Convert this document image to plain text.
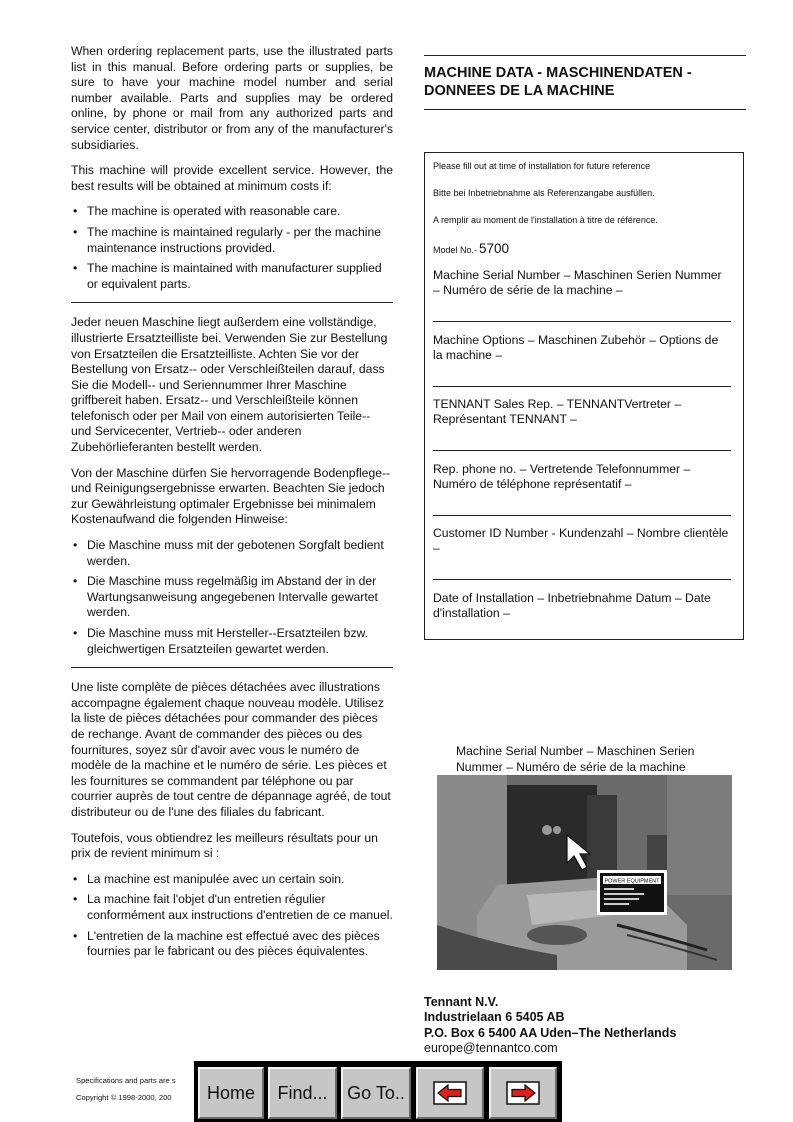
When ordering replacement parts, use the illustrated parts list in this manual. Before ordering parts or supplies, be sure to have your machine model number and serial number available. Parts and supplies may be ordered online, by phone or mail from any authorized parts and service center, distributor or from any of the manufacturer's subsidiaries.

This machine will provide excellent service. However, the best results will be obtained at minimum costs if:

• The machine is operated with reasonable care.
• The machine is maintained regularly - per the machine maintenance instructions provided.
• The machine is maintained with manufacturer supplied or equivalent parts.

Jeder neuen Maschine liegt außerdem eine vollständige, illustrierte Ersatzteilliste bei. Verwenden Sie zur Bestellung von Ersatzteilen die Ersatzteilliste. Achten Sie vor der Bestellung von Ersatz-- oder Verschleißteilen darauf, dass Sie die Modell-- und Seriennummer Ihrer Maschine griffbereit haben. Ersatz-- und Verschleißteile können telefonisch oder per Mail von einem autorisierten Teile-- und Servicecenter, Vertrieb-- oder anderen Zubehörlieferanten bestellt werden.

Von der Maschine dürfen Sie hervorragende Bodenpflege-- und Reinigungsergebnisse erwarten. Beachten Sie jedoch zur Gewährleistung optimaler Ergebnisse bei minimalem Kostenaufwand die folgenden Hinweise:

• Die Maschine muss mit der gebotenen Sorgfalt bedient werden.
• Die Maschine muss regelmäßig im Abstand der in der Wartungsanweisung angegebenen Intervalle gewartet werden.
• Die Maschine muss mit Hersteller--Ersatzteilen bzw.
gleichwertigen Ersatzteilen gewartet werden.

Une liste complète de pièces détachées avec illustrations accompagne également chaque nouveau modèle. Utilisez la liste de pièces détachées pour commander des pièces de rechange. Avant de commander des pièces ou des fournitures, soyez sûr d'avoir avec vous le numéro de modèle de la machine et le numéro de série. Les pièces et les fournitures se commandent par téléphone ou par courrier auprès de tout centre de dépannage agréé, de tout distributeur ou de l'une des filiales du fabricant.

Toutefois, vous obtiendrez les meilleurs résultats pour un prix de revient minimum si :

• La machine est manipulée avec un certain soin.
• La machine fait l'objet d'un entretien régulier conformément aux instructions d'entretien de ce manuel.
• L'entretien de la machine est effectué avec des pièces fournies par le fabricant ou des pièces équivalentes.
MACHINE DATA - MASCHINENDATEN - DONNEES DE LA MACHINE
Please fill out at time of installation for future reference
Bitte bei Inbetriebnahme als Referenzangabe ausfüllen.
A remplir au moment de l'installation à titre de référence.
Model No.- 5700
Machine Serial Number – Maschinen Serien Nummer – Numéro de série de la machine –
Machine Options – Maschinen Zubehör – Options de la machine –
TENNANT Sales Rep. – TENNANTVertreter – Représentant TENNANT –
Rep. phone no. – Vertretende Telefonnummer – Numéro de téléphone représentatif –
Customer ID Number - Kundenzahl – Nombre clientèle –
Date of Installation – Inbetriebnahme Datum – Date d'installation –
Machine Serial Number – Maschinen Serien Nummer – Numéro de série de la machine
POWER EQUIPMENT
Tennant N.V.
Industrielaan 6 5405 AB
P.O. Box 6 5400 AA Uden–The Netherlands
europe@tennantco.com
Specifications and parts are s
Copyright © 1998-2000, 200	Home	Find...	Go To..
